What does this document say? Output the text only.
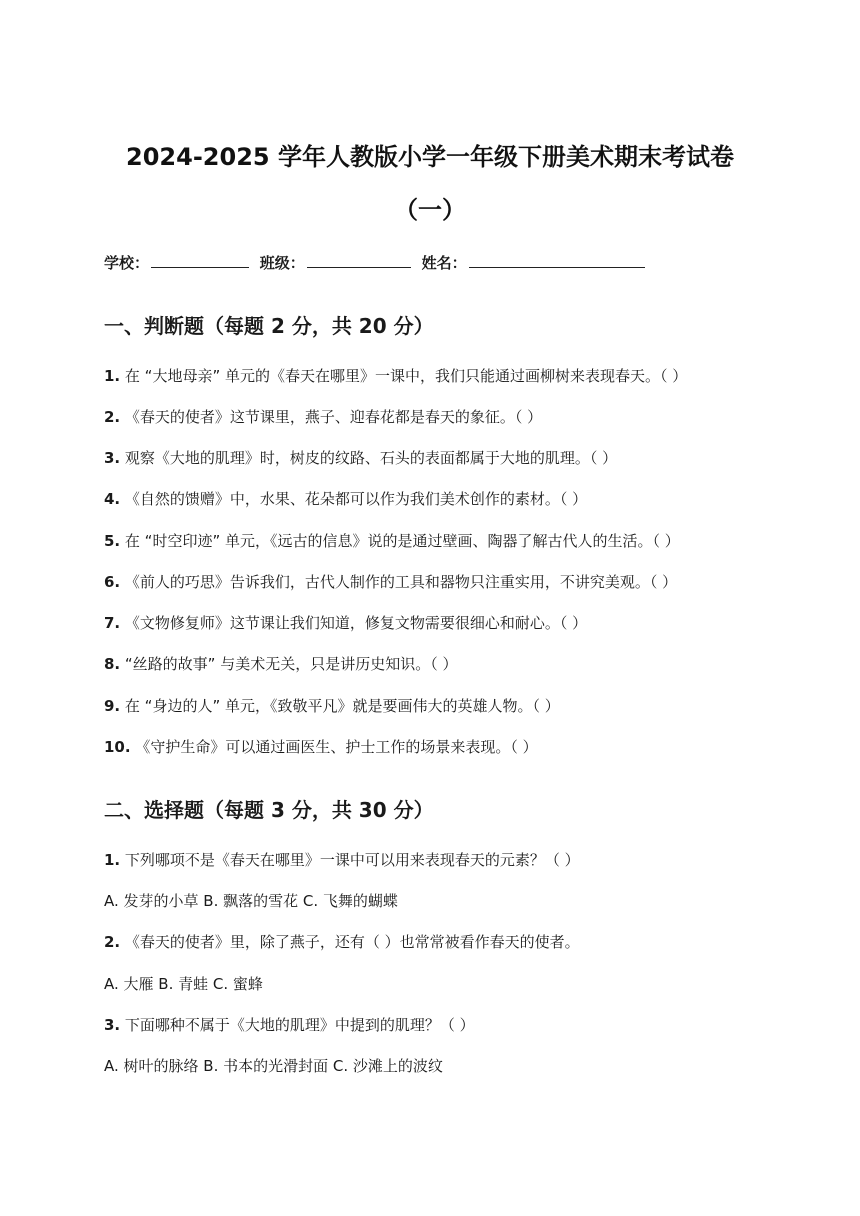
2024-2025 学年人教版小学一年级下册美术期末考试卷
（一）
学校：	班级：	姓名：
一、判断题（每题 2 分，共 20 分）
1. 在 “大地母亲” 单元的《春天在哪里》一课中，我们只能通过画柳树来表现春天。（ ）
2. 《春天的使者》这节课里，燕子、迎春花都是春天的象征。（ ）
3. 观察《大地的肌理》时，树皮的纹路、石头的表面都属于大地的肌理。（ ）
4. 《自然的馈赠》中，水果、花朵都可以作为我们美术创作的素材。（ ）
5. 在 “时空印迹” 单元，《远古的信息》说的是通过壁画、陶器了解古代人的生活。（ ）
6. 《前人的巧思》告诉我们，古代人制作的工具和器物只注重实用，不讲究美观。（ ）
7. 《文物修复师》这节课让我们知道，修复文物需要很细心和耐心。（ ）
8. “丝路的故事” 与美术无关，只是讲历史知识。（ ）
9. 在 “身边的人” 单元，《致敬平凡》就是要画伟大的英雄人物。（ ）
10. 《守护生命》可以通过画医生、护士工作的场景来表现。（ ）
二、选择题（每题 3 分，共 30 分）
1. 下列哪项不是《春天在哪里》一课中可以用来表现春天的元素？（ ）
A. 发芽的小草 B. 飘落的雪花 C. 飞舞的蝴蝶
2. 《春天的使者》里，除了燕子，还有（ ）也常常被看作春天的使者。
A. 大雁 B. 青蛙 C. 蜜蜂
3. 下面哪种不属于《大地的肌理》中提到的肌理？（ ）
A. 树叶的脉络 B. 书本的光滑封面 C. 沙滩上的波纹
